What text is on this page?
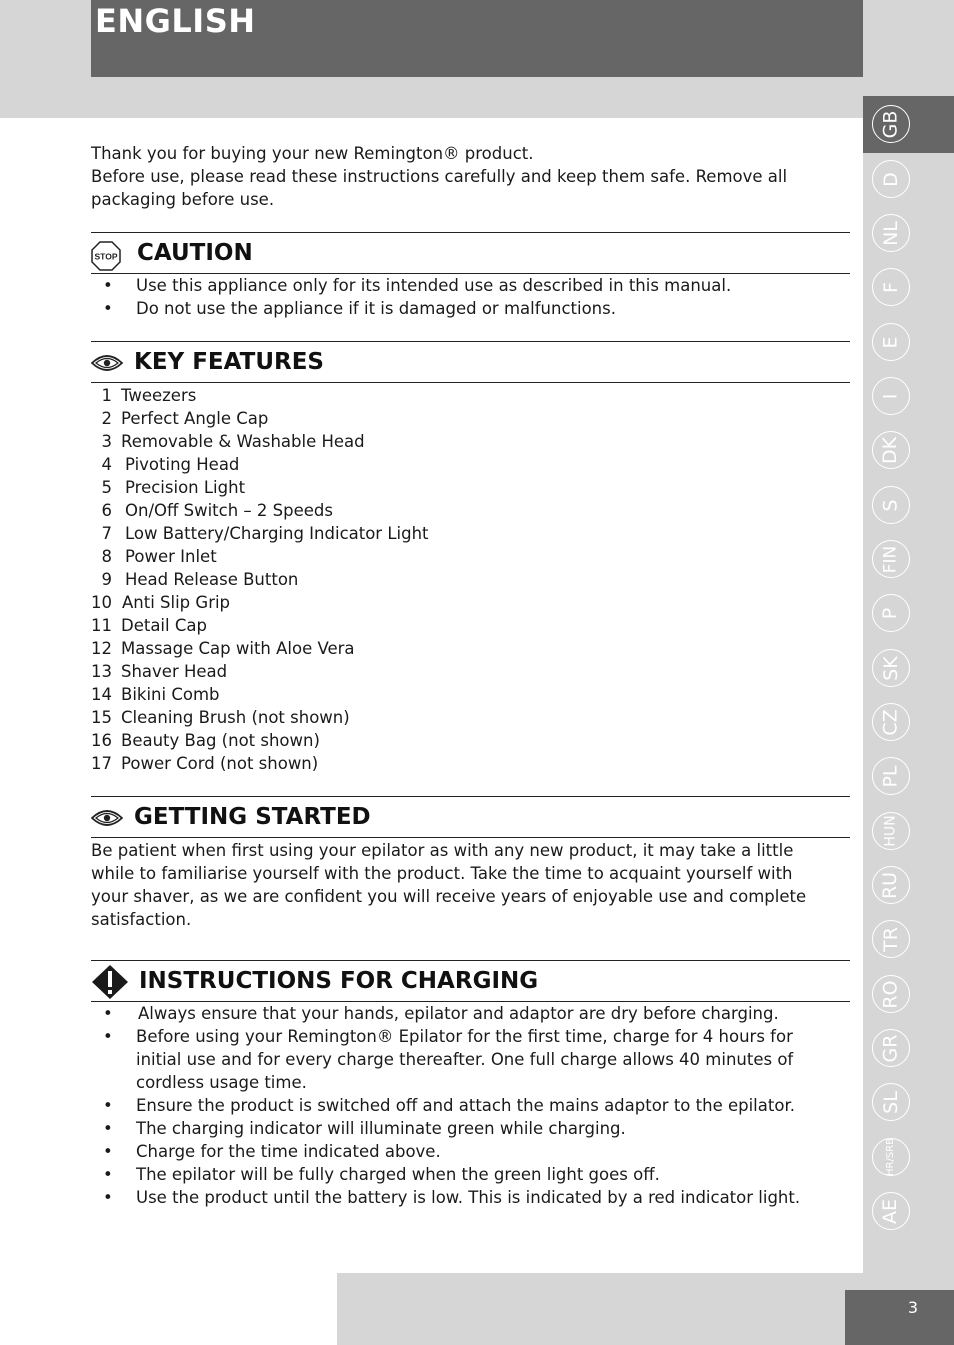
ENGLISH
GB
D
NL
F
E
I
DK
S
FIN
P
SK
CZ
PL
HUN
RU
TR
RO
GR
SL
HR/SRB
AE

Thank you for buying your new Remington® product.

Before use, please read these instructions carefully and keep them safe. Remove all packaging before use.

STOP CAUTION
• Use this appliance only for its intended use as described in this manual.
• Do not use the appliance if it is damaged or malfunctions.
KEY FEATURES
1 Tweezers
2 Perfect Angle Cap
3 Removable & Washable Head
4 Pivoting Head
5 Precision Light
6 On/Off Switch – 2 Speeds
7 Low Battery/Charging Indicator Light
8 Power Inlet
9 Head Release Button
10 Anti Slip Grip
11 Detail Cap
12 Massage Cap with Aloe Vera
13 Shaver Head
14 Bikini Comb
15 Cleaning Brush (not shown)
16 Beauty Bag (not shown)
17 Power Cord (not shown)
GETTING STARTED

Be patient when first using your epilator as with any new product, it may take a little while to familiarise yourself with the product. Take the time to acquaint yourself with your shaver, as we are confident you will receive years of enjoyable use and complete satisfaction.

INSTRUCTIONS FOR CHARGING
• Always ensure that your hands, epilator and adaptor are dry before charging.
• Before using your Remington® Epilator for the first time, charge for 4 hours for initial use and for every charge thereafter. One full charge allows 40 minutes of cordless usage time.
• Ensure the product is switched off and attach the mains adaptor to the epilator.
• The charging indicator will illuminate green while charging.
• Charge for the time indicated above.
• The epilator will be fully charged when the green light goes off.
• Use the product until the battery is low. This is indicated by a red indicator light.
3
